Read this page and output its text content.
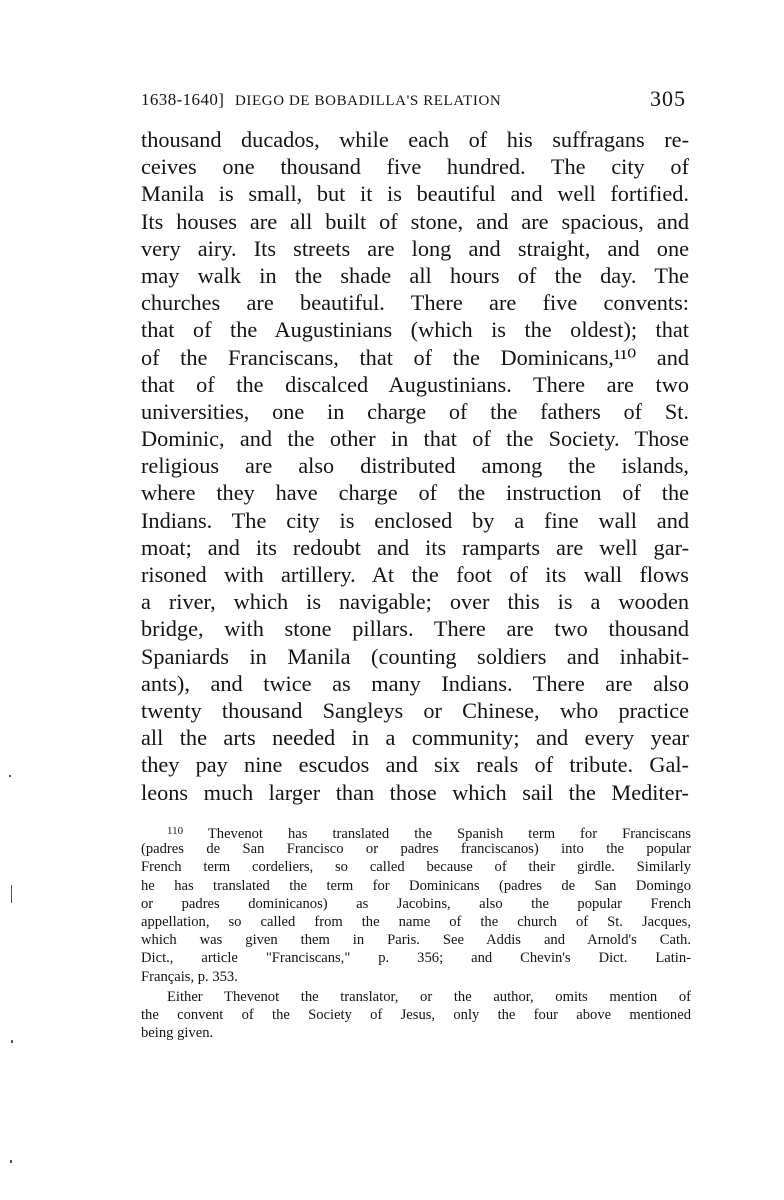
1638-1640] DIEGO DE BOBADILLA'S RELATION	305
thousand ducados, while each of his suffragans re-
ceives one thousand five hundred. The city of
Manila is small, but it is beautiful and well fortified.
Its houses are all built of stone, and are spacious, and
very airy. Its streets are long and straight, and one
may walk in the shade all hours of the day. The
churches are beautiful. There are five convents:
that of the Augustinians (which is the oldest); that
of the Franciscans, that of the Dominicans,¹¹⁰ and
that of the discalced Augustinians. There are two
universities, one in charge of the fathers of St.
Dominic, and the other in that of the Society. Those
religious are also distributed among the islands,
where they have charge of the instruction of the
Indians. The city is enclosed by a fine wall and
moat; and its redoubt and its ramparts are well gar-
risoned with artillery. At the foot of its wall flows
a river, which is navigable; over this is a wooden
bridge, with stone pillars. There are two thousand
Spaniards in Manila (counting soldiers and inhabit-
ants), and twice as many Indians. There are also
twenty thousand Sangleys or Chinese, who practice
all the arts needed in a community; and every year
they pay nine escudos and six reals of tribute. Gal-
leons much larger than those which sail the Mediter-
$^{110}$ Thevenot has translated the Spanish term for Franciscans
(padres de San Francisco or padres franciscanos) into the popular
French term cordeliers, so called because of their girdle. Similarly
he has translated the term for Dominicans (padres de San Domingo
or padres dominicanos) as Jacobins, also the popular French
appellation, so called from the name of the church of St. Jacques,
which was given them in Paris. See Addis and Arnold's Cath.
Dict., article "Franciscans," p. 356; and Chevin's Dict. Latin-
Français, p. 353.
Either Thevenot the translator, or the author, omits mention of
the convent of the Society of Jesus, only the four above mentioned
being given.
